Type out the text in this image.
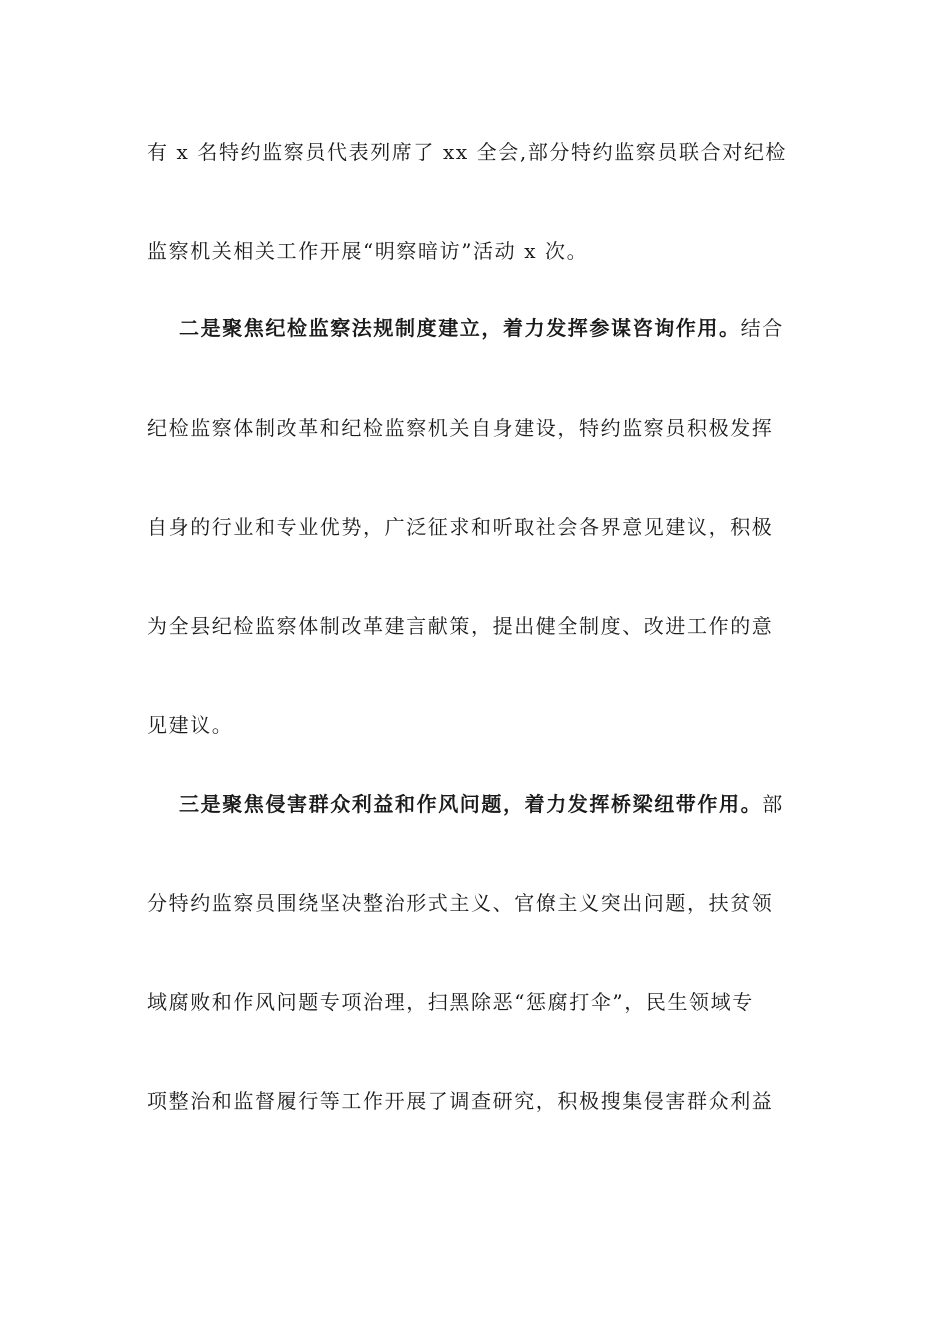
有 x 名特约监察员代表列席了 xx 全会,部分特约监察员联合对纪检
监察机关相关工作开展“明察暗访”活动 x 次。
二是聚焦纪检监察法规制度建立，着力发挥参谋咨询作用。结合
纪检监察体制改革和纪检监察机关自身建设，特约监察员积极发挥
自身的行业和专业优势，广泛征求和听取社会各界意见建议，积极
为全县纪检监察体制改革建言献策，提出健全制度、改进工作的意
见建议。
三是聚焦侵害群众利益和作风问题，着力发挥桥梁纽带作用。部
分特约监察员围绕坚决整治形式主义、官僚主义突出问题，扶贫领
域腐败和作风问题专项治理，扫黑除恶“惩腐打伞”，民生领域专
项整治和监督履行等工作开展了调查研究，积极搜集侵害群众利益
